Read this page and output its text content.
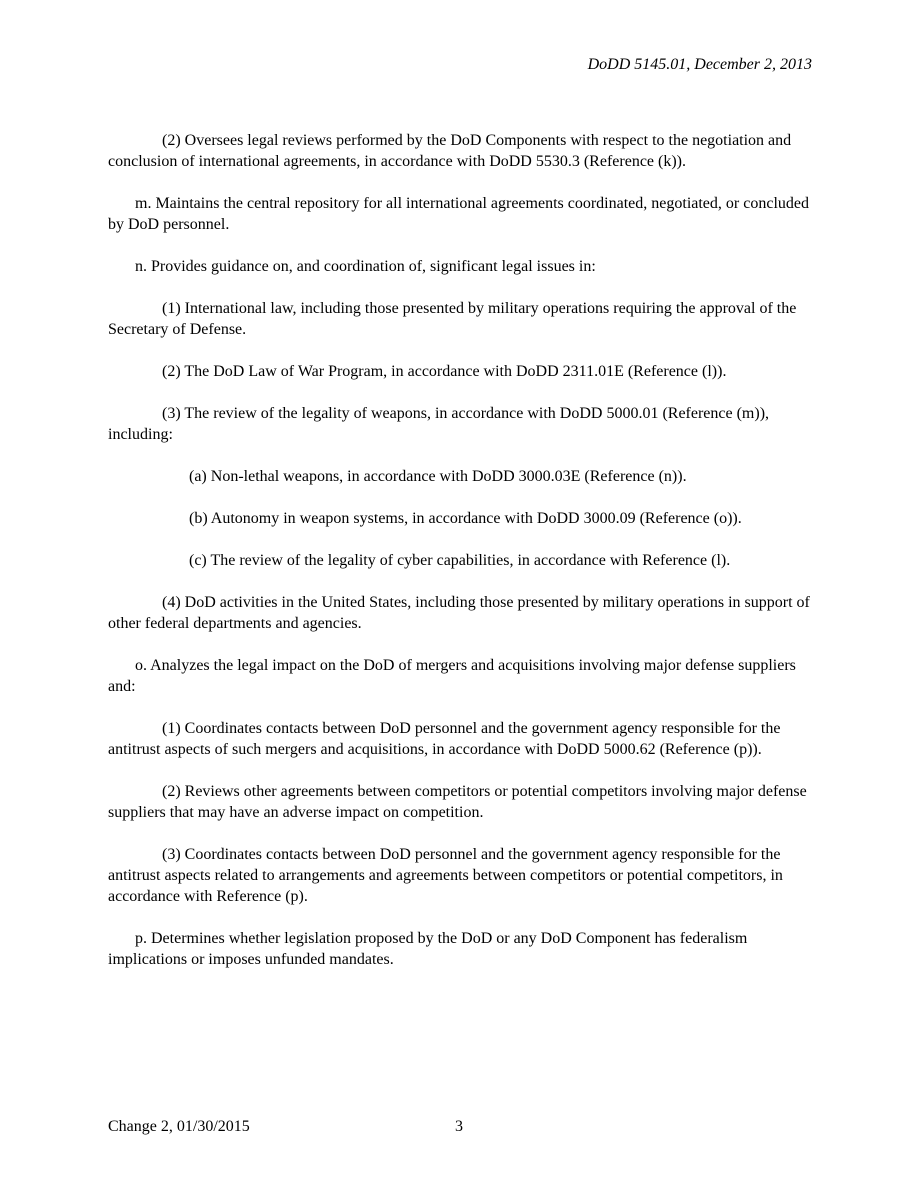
DoDD 5145.01, December 2, 2013

(2) Oversees legal reviews performed by the DoD Components with respect to the negotiation and conclusion of international agreements, in accordance with DoDD 5530.3 (Reference (k)).

m. Maintains the central repository for all international agreements coordinated, negotiated, or concluded by DoD personnel.

n. Provides guidance on, and coordination of, significant legal issues in:

(1) International law, including those presented by military operations requiring the approval of the Secretary of Defense.

(2) The DoD Law of War Program, in accordance with DoDD 2311.01E (Reference (l)).

(3) The review of the legality of weapons, in accordance with DoDD 5000.01 (Reference (m)), including:

(a) Non-lethal weapons, in accordance with DoDD 3000.03E (Reference (n)).

(b) Autonomy in weapon systems, in accordance with DoDD 3000.09 (Reference (o)).

(c) The review of the legality of cyber capabilities, in accordance with Reference (l).

(4) DoD activities in the United States, including those presented by military operations in support of other federal departments and agencies.

o. Analyzes the legal impact on the DoD of mergers and acquisitions involving major defense suppliers and:

(1) Coordinates contacts between DoD personnel and the government agency responsible for the antitrust aspects of such mergers and acquisitions, in accordance with DoDD 5000.62 (Reference (p)).

(2) Reviews other agreements between competitors or potential competitors involving major defense suppliers that may have an adverse impact on competition.

(3) Coordinates contacts between DoD personnel and the government agency responsible for the antitrust aspects related to arrangements and agreements between competitors or potential competitors, in accordance with Reference (p).

p. Determines whether legislation proposed by the DoD or any DoD Component has federalism implications or imposes unfunded mandates.

Change 2, 01/30/2015	3
